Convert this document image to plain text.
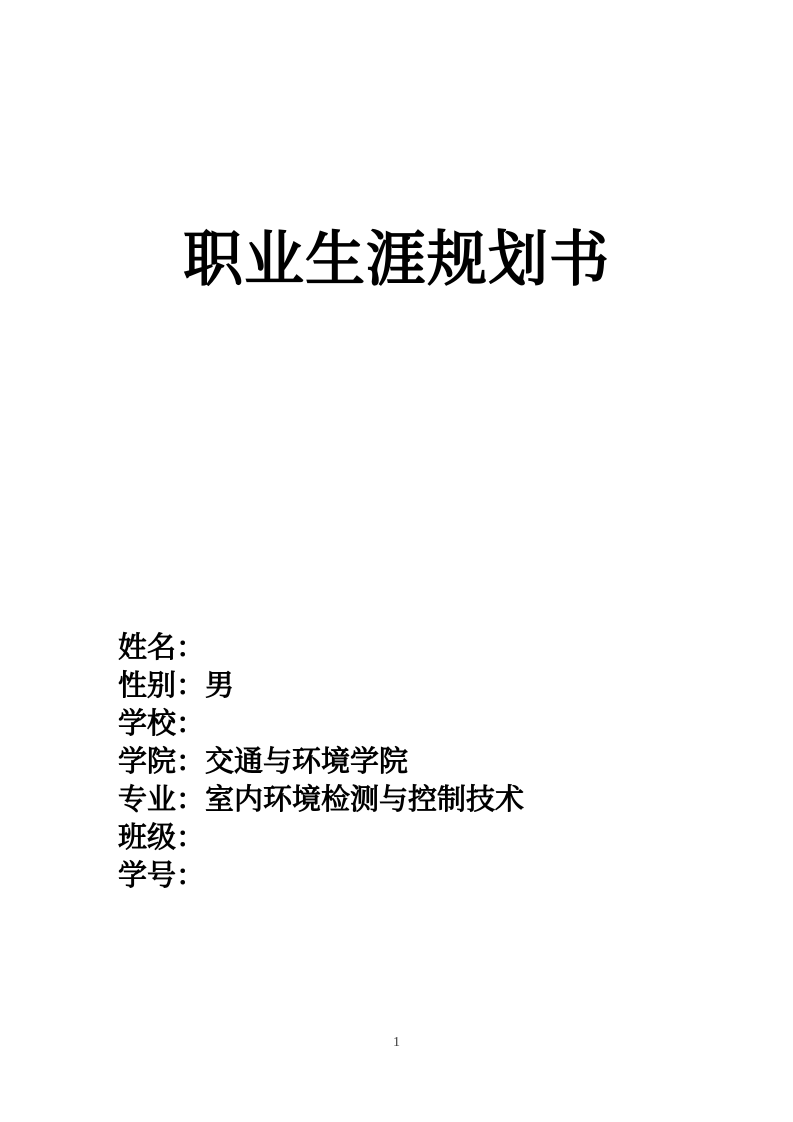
职业生涯规划书

姓名：

性别：男

学校：

学院：交通与环境学院

专业：室内环境检测与控制技术

班级：

学号：

1
